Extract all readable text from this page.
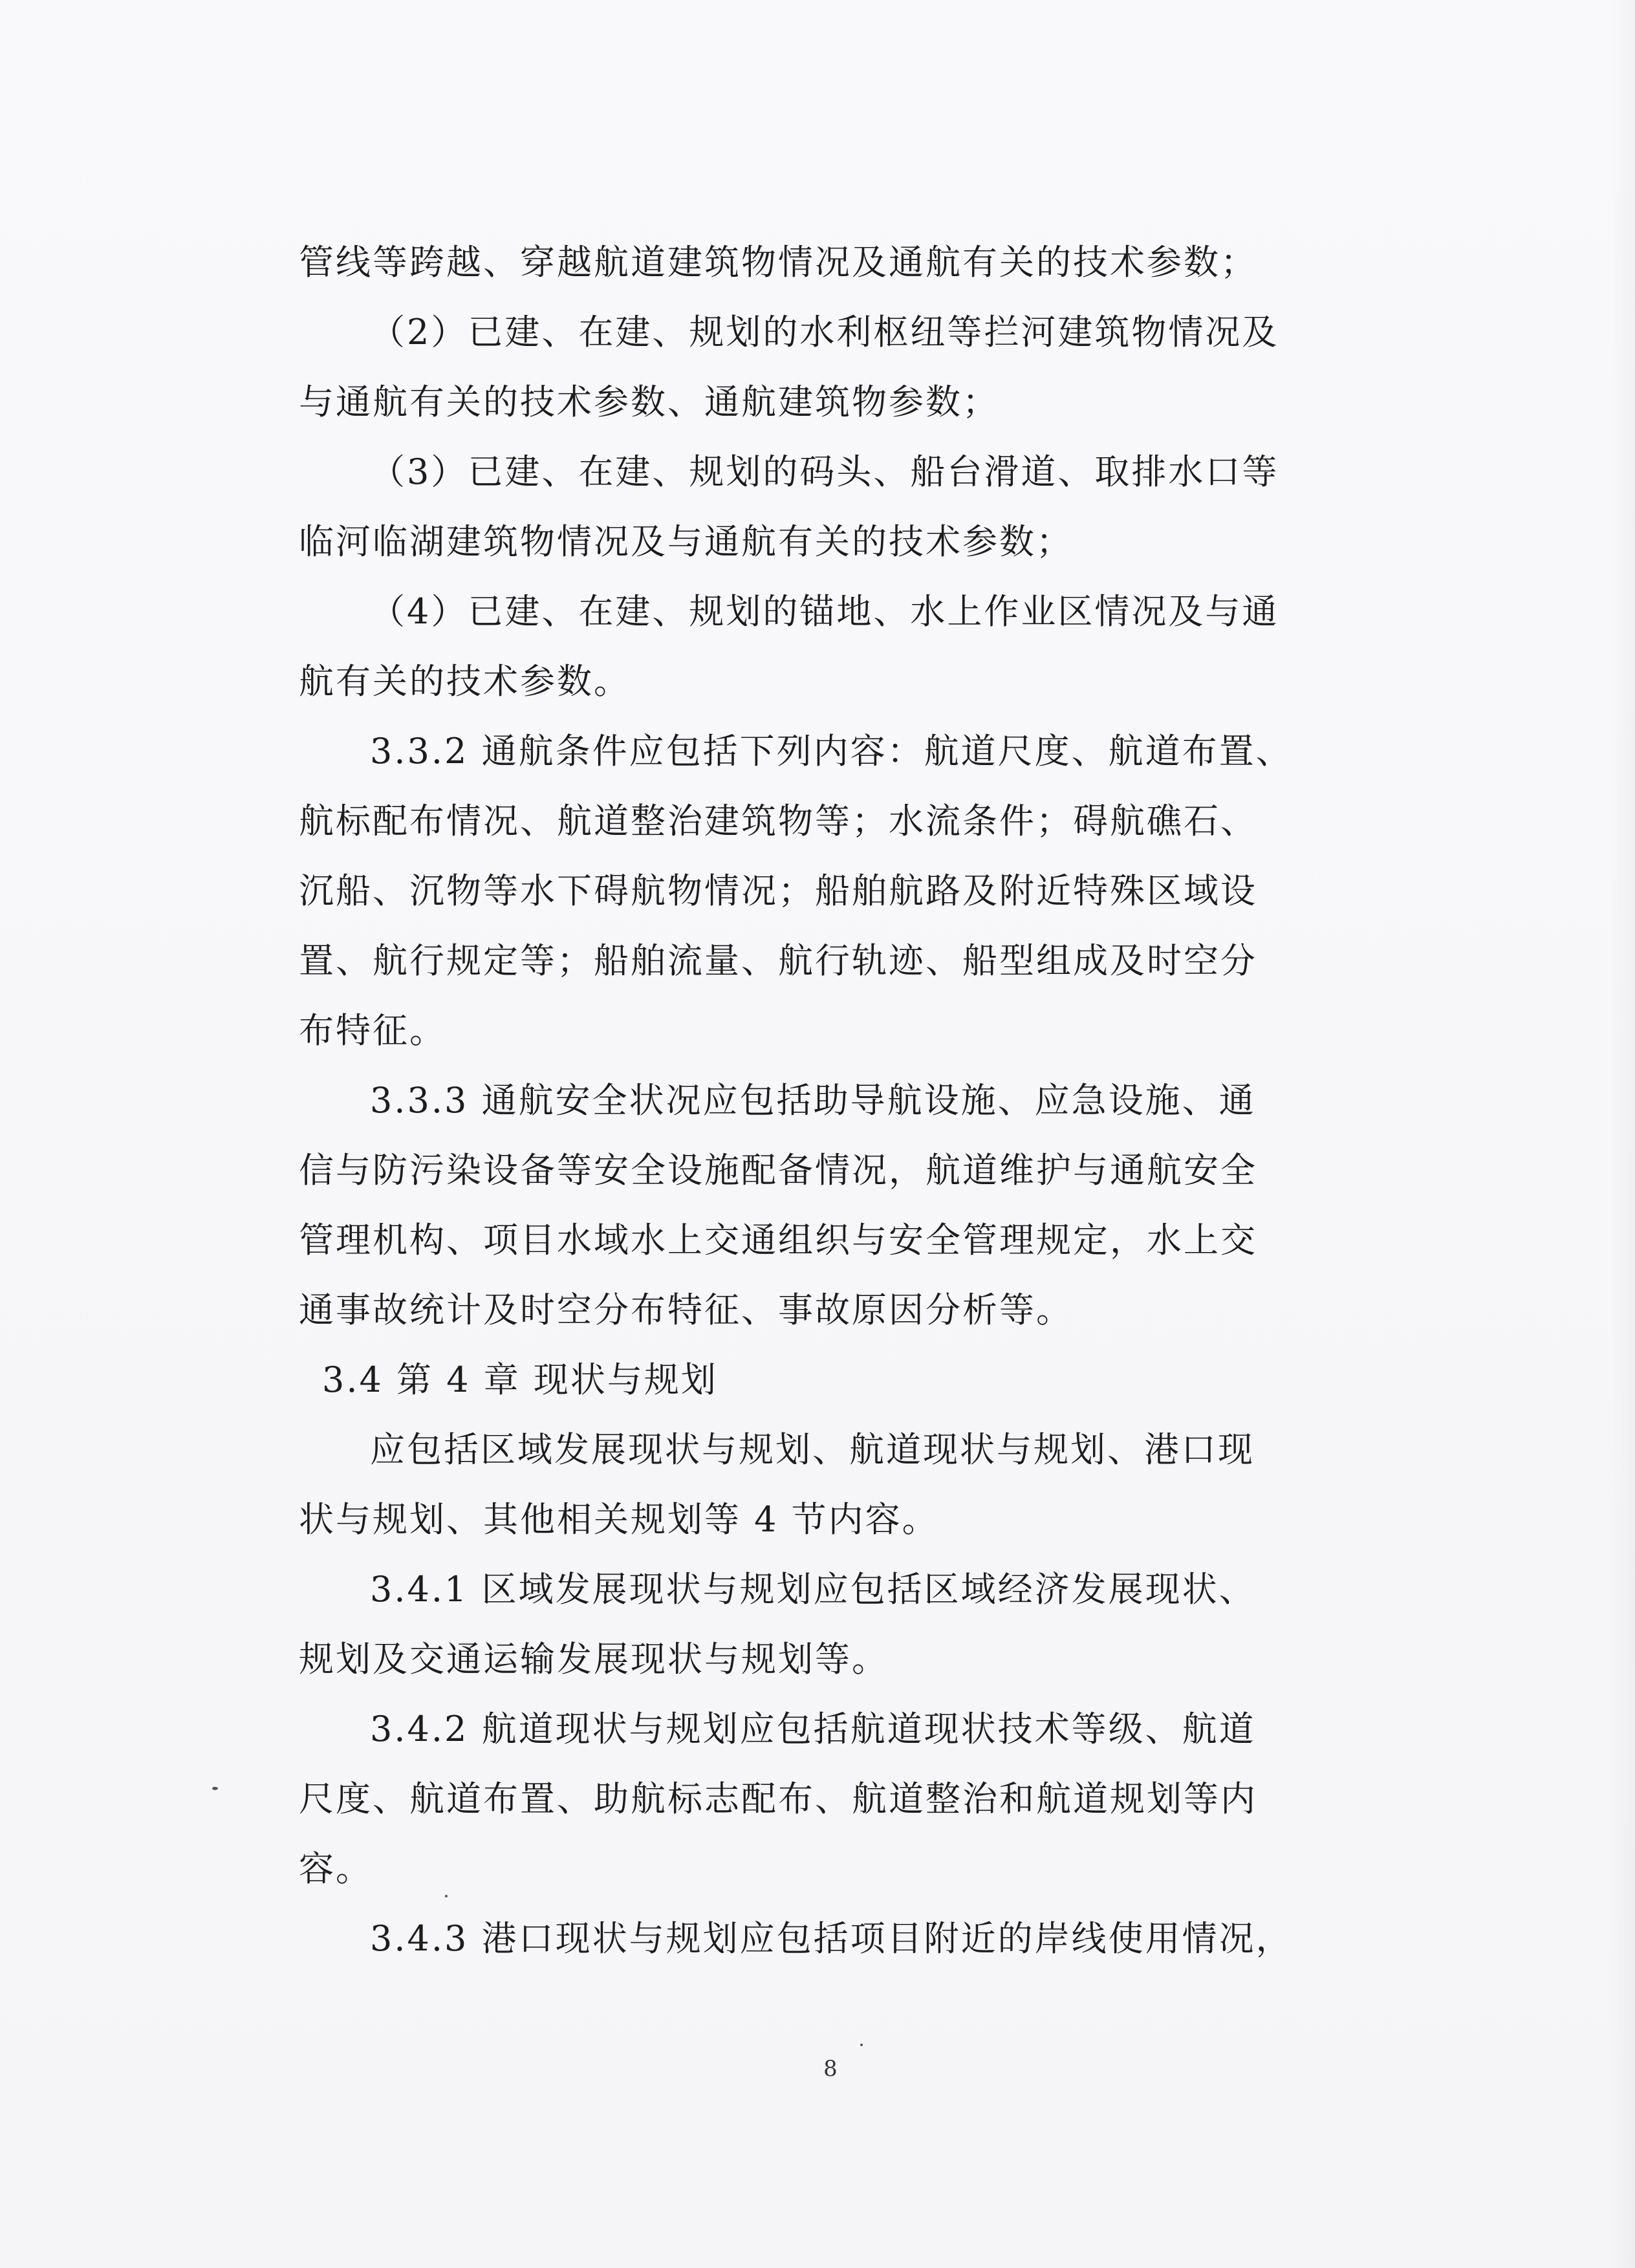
管线等跨越、穿越航道建筑物情况及通航有关的技术参数；
（2）已建、在建、规划的水利枢纽等拦河建筑物情况及
与通航有关的技术参数、通航建筑物参数；
（3）已建、在建、规划的码头、船台滑道、取排水口等
临河临湖建筑物情况及与通航有关的技术参数；
（4）已建、在建、规划的锚地、水上作业区情况及与通
航有关的技术参数。
3.3.2 通航条件应包括下列内容：航道尺度、航道布置、
航标配布情况、航道整治建筑物等；水流条件；碍航礁石、
沉船、沉物等水下碍航物情况；船舶航路及附近特殊区域设
置、航行规定等；船舶流量、航行轨迹、船型组成及时空分
布特征。
3.3.3 通航安全状况应包括助导航设施、应急设施、通
信与防污染设备等安全设施配备情况，航道维护与通航安全
管理机构、项目水域水上交通组织与安全管理规定，水上交
通事故统计及时空分布特征、事故原因分析等。
3.4 第 4 章 现状与规划
应包括区域发展现状与规划、航道现状与规划、港口现
状与规划、其他相关规划等 4 节内容。
3.4.1 区域发展现状与规划应包括区域经济发展现状、
规划及交通运输发展现状与规划等。
3.4.2 航道现状与规划应包括航道现状技术等级、航道
尺度、航道布置、助航标志配布、航道整治和航道规划等内
容。
3.4.3 港口现状与规划应包括项目附近的岸线使用情况，
8
